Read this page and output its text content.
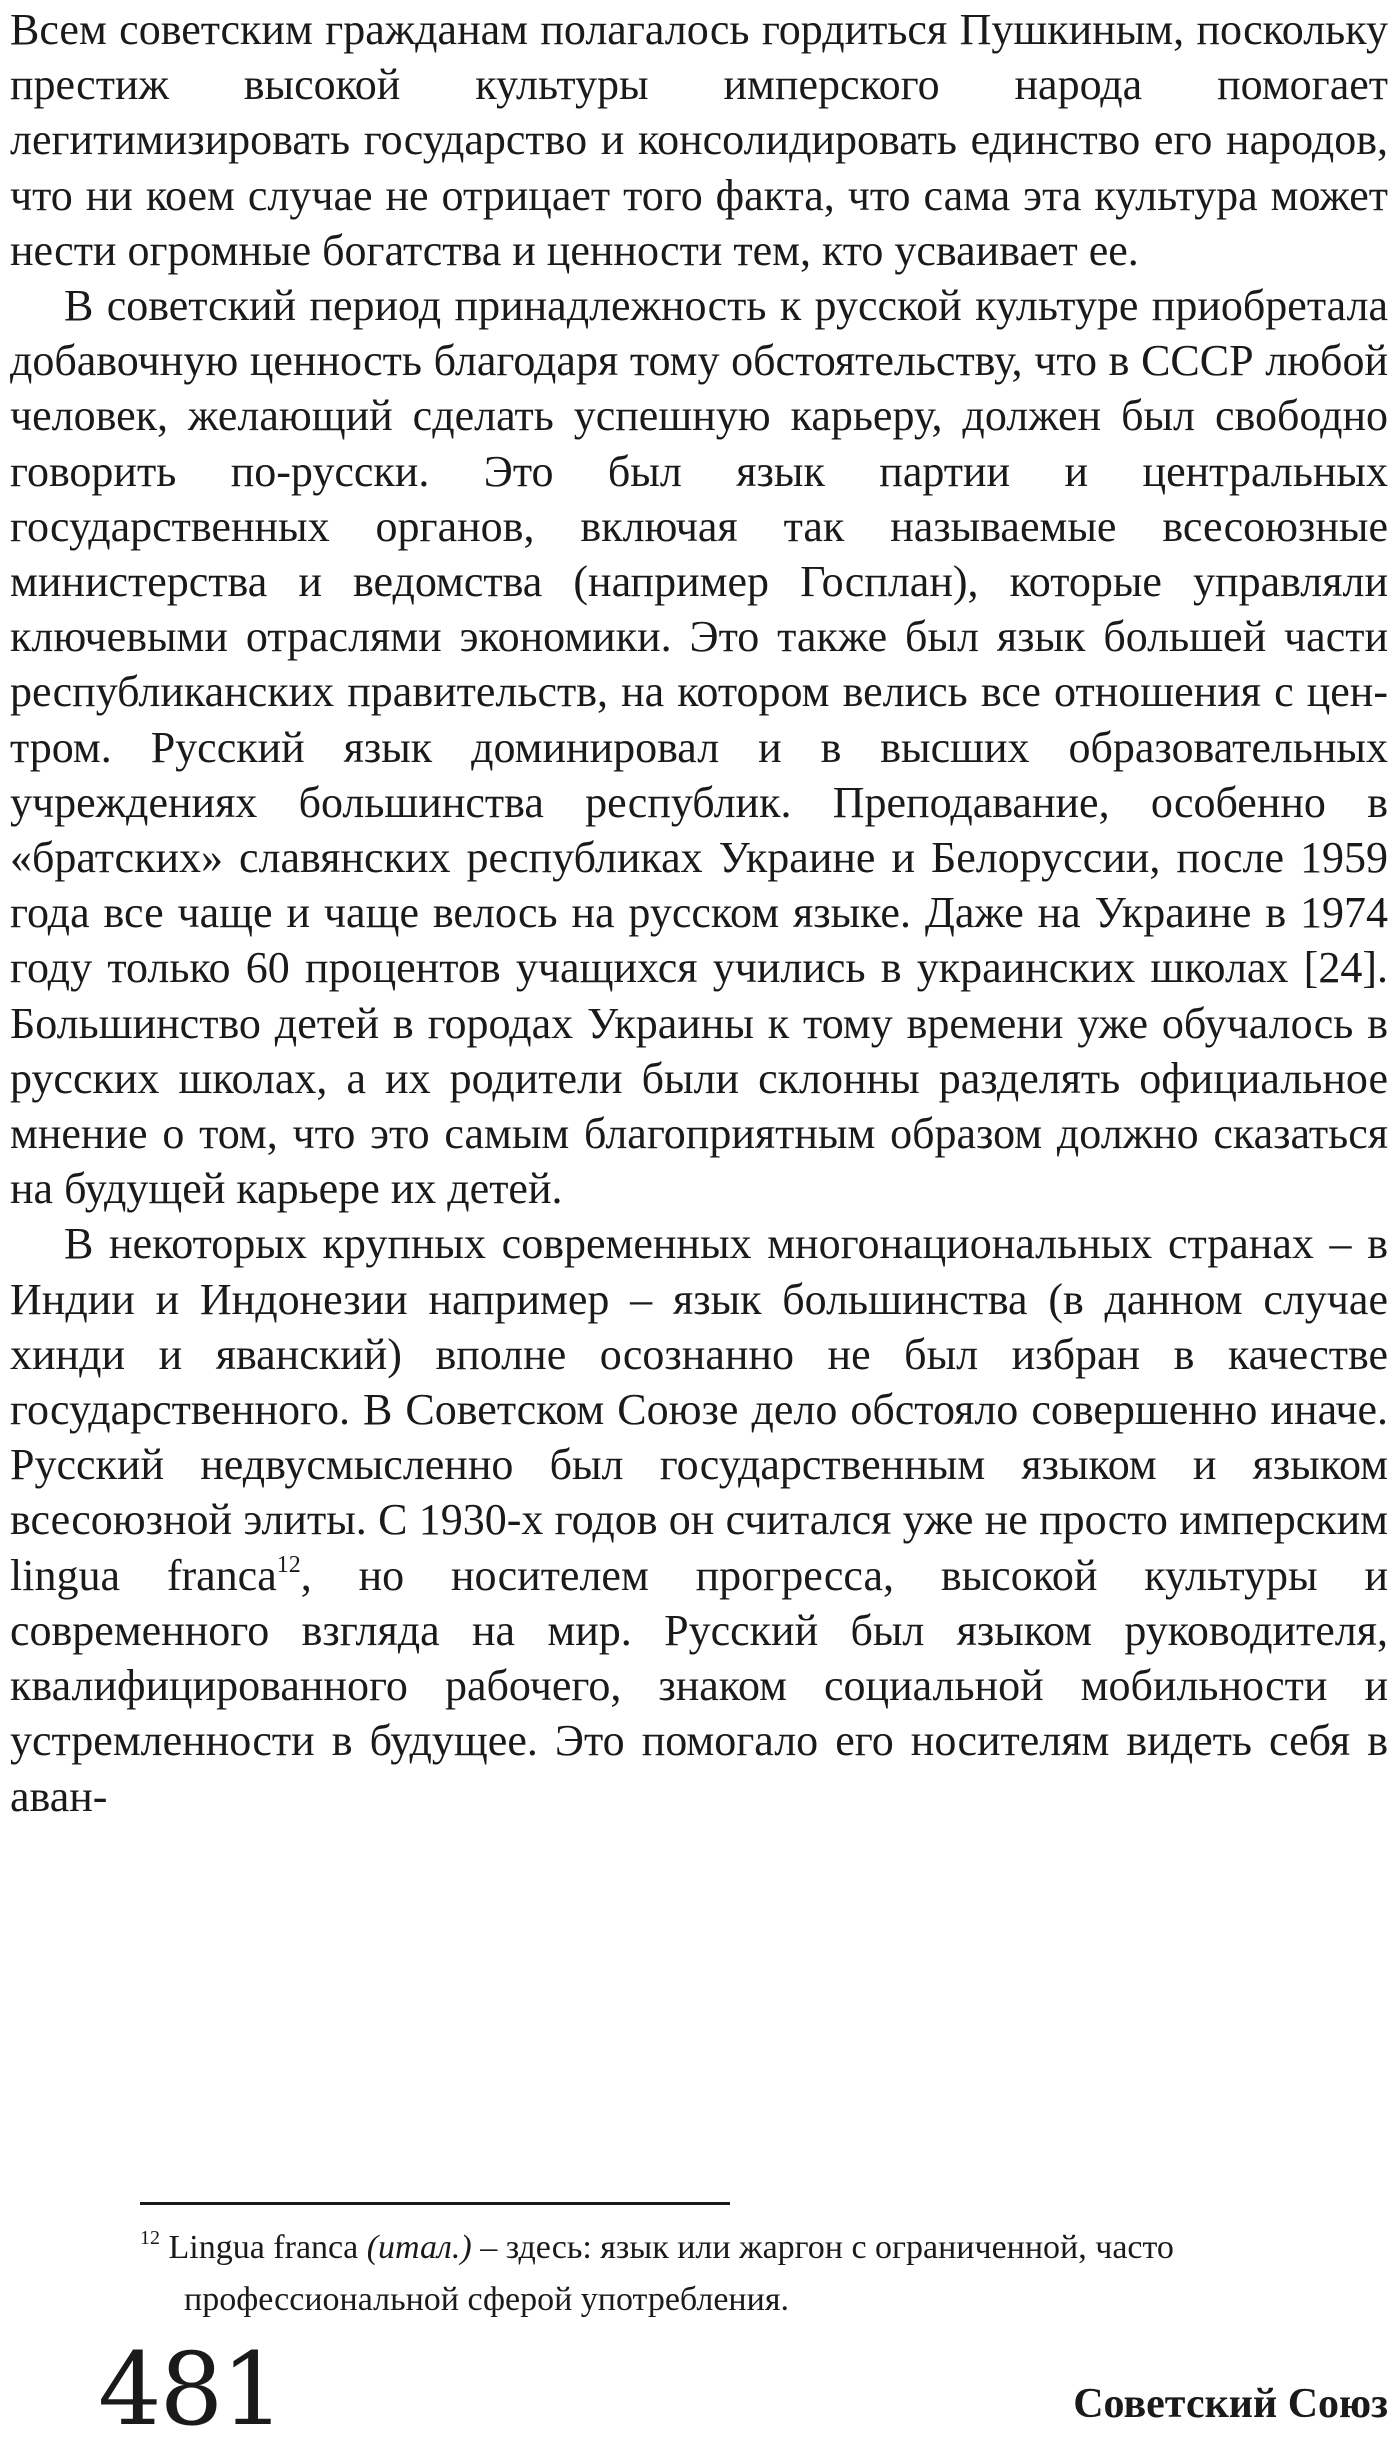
Всем советским гражданам полагалось гордиться Пушкиным, поскольку престиж высокой культуры имперского народа помогает легитимизировать государство и консолидировать единство его народов, что ни коем случае не отрицает того факта, что сама эта культура может нести огромные богатства и ценности тем, кто усваивает ее.

В советский период принадлежность к русской культуре приобретала добавочную ценность благодаря тому обстоятельству, что в СССР любой человек, желающий сделать успешную карьеру, должен был свободно говорить по-русски. Это был язык партии и центральных государственных органов, включая так называемые всесоюзные министерства и ведомства (например Госплан), которые управляли ключевыми отраслями экономики. Это также был язык большей части республиканских правительств, на котором велись все отношения с центром. Русский язык доминировал и в высших образовательных учреждениях большинства республик. Преподавание, особенно в «братских» славянских республиках Украине и Белоруссии, после 1959 года все чаще и чаще велось на русском языке. Даже на Украине в 1974 году только 60 процентов учащихся учились в украинских школах [24]. Большинство детей в городах Украины к тому времени уже обучалось в русских школах, а их родители были склонны разделять официальное мнение о том, что это самым благоприятным образом должно сказаться на будущей карьере их детей.

В некоторых крупных современных многонациональных странах – в Индии и Индонезии например – язык большинства (в данном случае хинди и яванский) вполне осознанно не был избран в качестве государственного. В Советском Союзе дело обстояло совершенно иначе. Русский недвусмысленно был государственным языком и языком всесоюзной элиты. С 1930-х годов он считался уже не просто имперским lingua franca$^{12}$, но носителем прогресса, высокой культуры и современного взгляда на мир. Русский был языком руководителя, квалифицированного рабочего, знаком социальной мобильности и устремленности в будущее. Это помогало его носителям видеть себя в аван-

$^{12}$ Lingua franca (итал.) – здесь: язык или жаргон с ограниченной, часто
профессиональной сферой употребления.
481	Советский Союз
